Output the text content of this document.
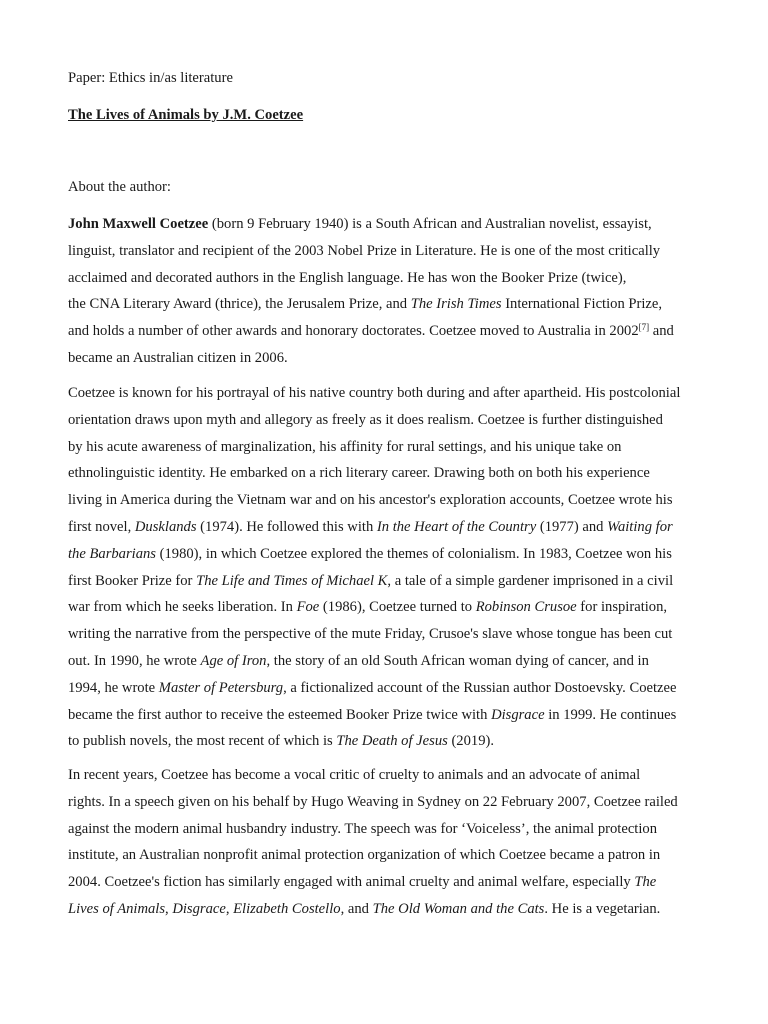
Paper: Ethics in/as literature
The Lives of Animals by J.M. Coetzee
About the author:
John Maxwell Coetzee (born 9 February 1940) is a South African and Australian novelist, essayist,
linguist, translator and recipient of the 2003 Nobel Prize in Literature. He is one of the most critically
acclaimed and decorated authors in the English language. He has won the Booker Prize (twice),
the CNA Literary Award (thrice), the Jerusalem Prize, and The Irish Times International Fiction Prize,
and holds a number of other awards and honorary doctorates. Coetzee moved to Australia in 2002[7] and
became an Australian citizen in 2006.
Coetzee is known for his portrayal of his native country both during and after apartheid. His postcolonial
orientation draws upon myth and allegory as freely as it does realism. Coetzee is further distinguished
by his acute awareness of marginalization, his affinity for rural settings, and his unique take on
ethnolinguistic identity. He embarked on a rich literary career. Drawing both on both his experience
living in America during the Vietnam war and on his ancestor's exploration accounts, Coetzee wrote his
first novel, Dusklands (1974). He followed this with In the Heart of the Country (1977) and Waiting for
the Barbarians (1980), in which Coetzee explored the themes of colonialism. In 1983, Coetzee won his
first Booker Prize for The Life and Times of Michael K, a tale of a simple gardener imprisoned in a civil
war from which he seeks liberation. In Foe (1986), Coetzee turned to Robinson Crusoe for inspiration,
writing the narrative from the perspective of the mute Friday, Crusoe's slave whose tongue has been cut
out. In 1990, he wrote Age of Iron, the story of an old South African woman dying of cancer, and in
1994, he wrote Master of Petersburg, a fictionalized account of the Russian author Dostoevsky. Coetzee
became the first author to receive the esteemed Booker Prize twice with Disgrace in 1999. He continues
to publish novels, the most recent of which is The Death of Jesus (2019).
In recent years, Coetzee has become a vocal critic of cruelty to animals and an advocate of animal
rights. In a speech given on his behalf by Hugo Weaving in Sydney on 22 February 2007, Coetzee railed
against the modern animal husbandry industry. The speech was for ‘Voiceless’, the animal protection
institute, an Australian nonprofit animal protection organization of which Coetzee became a patron in
2004. Coetzee's fiction has similarly engaged with animal cruelty and animal welfare, especially The
Lives of Animals, Disgrace, Elizabeth Costello, and The Old Woman and the Cats. He is a vegetarian.
